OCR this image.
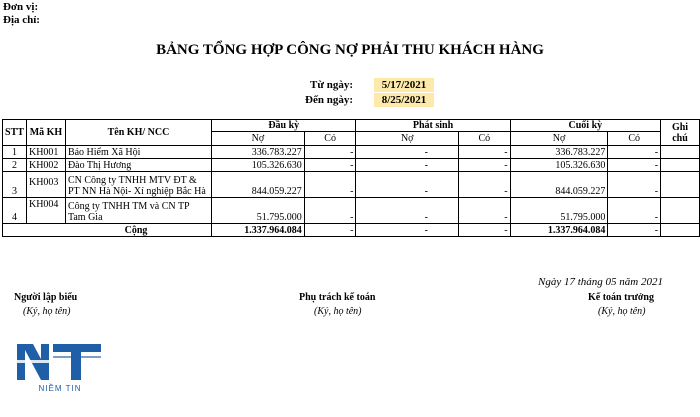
Đơn vị:
Địa chỉ:
BẢNG TỔNG HỢP CÔNG NỢ PHẢI THU KHÁCH HÀNG
Từ ngày:	5/17/2021
Đến ngày:	8/25/2021
STT	Mã KH	Tên KH/ NCC	Đầu kỳ		Phát sinh		Cuối kỳ		Ghi chú
			Nợ	Có	Nợ	Có	Nợ	Có	
1	KH001	Bảo Hiểm Xã Hội	336.783.227	-	-	-	336.783.227	-	
2	KH002	Đào Thị Hương	105.326.630	-	-	-	105.326.630	-	
3	KH003	CN Công ty TNHH MTV ĐT &
PT NN Hà Nội- Xí nghiệp Bắc Hà	844.059.227	-	-	-	844.059.227	-	
4	KH004	Công ty TNHH TM và CN TP
Tam Gia	51.795.000	-	-	-	51.795.000	-	
Cộng			1.337.964.084	-	-	-	1.337.964.084	-	
Ngày 17 tháng 05 năm 2021
Người lập biểu
(Ký, họ tên)
Phụ trách kế toán
(Ký, họ tên)
Kế toán trưởng
(Ký, họ tên)
NIỀM TIN
